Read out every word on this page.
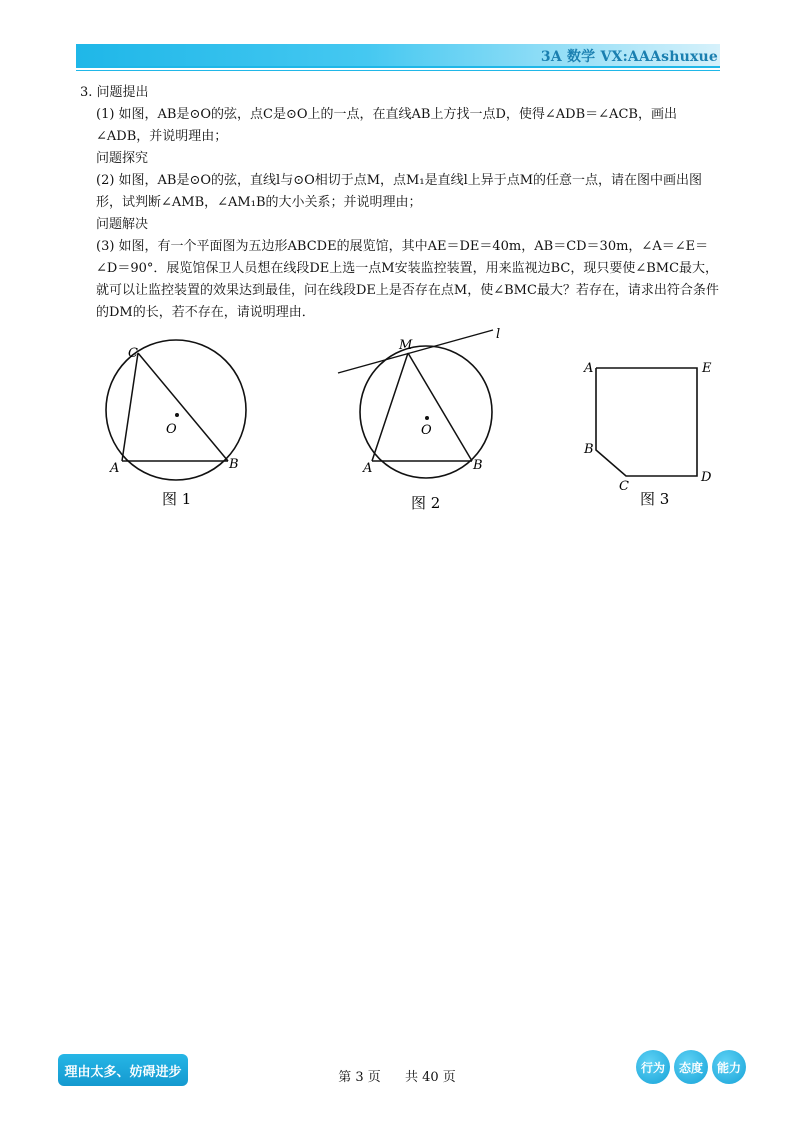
3A 数学 VX:AAAshuxue

3. 问题提出

(1) 如图，AB是⊙O的弦，点C是⊙O上的一点，在直线AB上方找一点D，使得∠ADB＝∠ACB，画出∠ADB，并说明理由；

问题探究

(2) 如图，AB是⊙O的弦，直线l与⊙O相切于点M，点M₁是直线l上异于点M的任意一点，请在图中画出图形，试判断∠AMB，∠AM₁B的大小关系；并说明理由；

问题解决

(3) 如图，有一个平面图为五边形ABCDE的展览馆，其中AE＝DE＝40m，AB＝CD＝30m，∠A＝∠E＝∠D＝90°．展览馆保卫人员想在线段DE上选一点M安装监控装置，用来监视边BC，现只要使∠BMC最大，就可以让监控装置的效果达到最佳，问在线段DE上是否存在点M，使∠BMC最大？若存在，请求出符合条件的DM的长，若不存在，请说明理由．

C
O
A	B
图 1
M
l
O
A	B
图 2
A	E
B
C
D
图 3
理由太多、妨碍进步	第 3 页 共 40 页
行为	态度	能力
